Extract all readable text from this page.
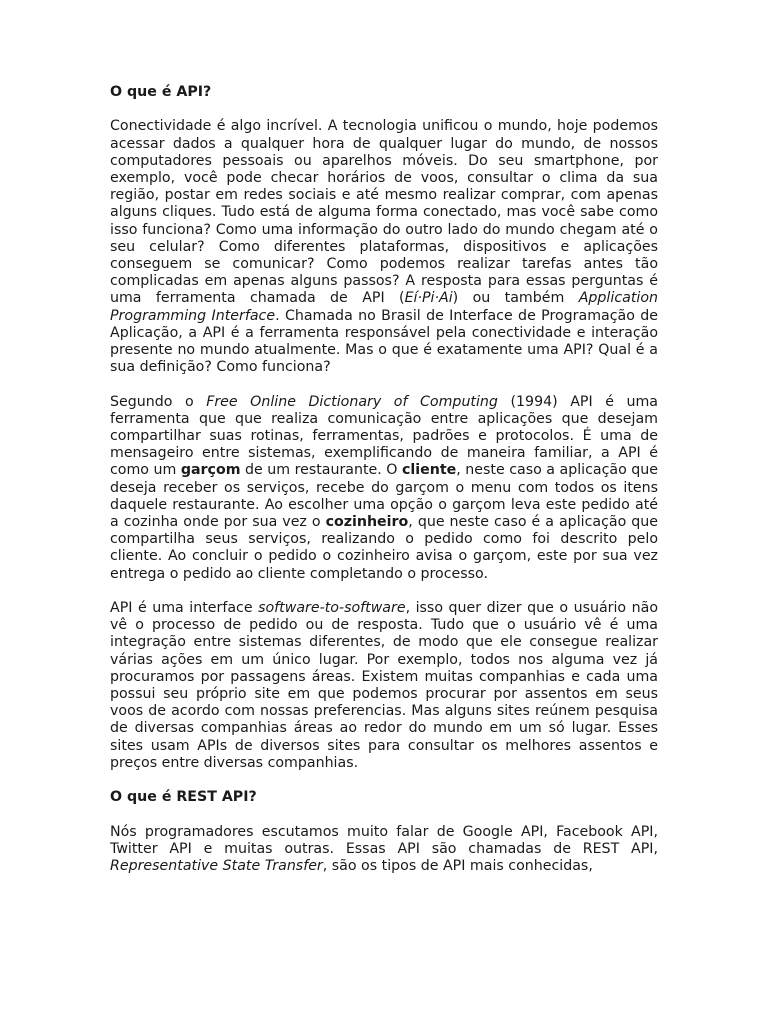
O que é API?

Conectividade é algo incrível. A tecnologia unificou o mundo, hoje podemos acessar dados a qualquer hora de qualquer lugar do mundo, de nossos computadores pessoais ou aparelhos móveis. Do seu smartphone, por exemplo, você pode checar horários de voos, consultar o clima da sua região, postar em redes sociais e até mesmo realizar comprar, com apenas alguns cliques. Tudo está de alguma forma conectado, mas você sabe como isso funciona? Como uma informação do outro lado do mundo chegam até o seu celular? Como diferentes plataformas, dispositivos e aplicações conseguem se comunicar? Como podemos realizar tarefas antes tão complicadas em apenas alguns passos? A resposta para essas perguntas é uma ferramenta chamada de API (Eí·Pi·Ai) ou também Application Programming Interface. Chamada no Brasil de Interface de Programação de Aplicação, a API é a ferramenta responsável pela conectividade e interação presente no mundo atualmente. Mas o que é exatamente uma API? Qual é a sua definição? Como funciona?

Segundo o Free Online Dictionary of Computing (1994) API é uma ferramenta que que realiza comunicação entre aplicações que desejam compartilhar suas rotinas, ferramentas, padrões e protocolos. É uma de mensageiro entre sistemas, exemplificando de maneira familiar, a API é como um garçom de um restaurante. O cliente, neste caso a aplicação que deseja receber os serviços, recebe do garçom o menu com todos os itens daquele restaurante. Ao escolher uma opção o garçom leva este pedido até a cozinha onde por sua vez o cozinheiro, que neste caso é a aplicação que compartilha seus serviços, realizando o pedido como foi descrito pelo cliente. Ao concluir o pedido o cozinheiro avisa o garçom, este por sua vez entrega o pedido ao cliente completando o processo.

API é uma interface software-to-software, isso quer dizer que o usuário não vê o processo de pedido ou de resposta. Tudo que o usuário vê é uma integração entre sistemas diferentes, de modo que ele consegue realizar várias ações em um único lugar. Por exemplo, todos nos alguma vez já procuramos por passagens áreas. Existem muitas companhias e cada uma possui seu próprio site em que podemos procurar por assentos em seus voos de acordo com nossas preferencias. Mas alguns sites reúnem pesquisa de diversas companhias áreas ao redor do mundo em um só lugar. Esses sites usam APIs de diversos sites para consultar os melhores assentos e preços entre diversas companhias.

O que é REST API?

Nós programadores escutamos muito falar de Google API, Facebook API, Twitter API e muitas outras. Essas API são chamadas de REST API, Representative State Transfer, são os tipos de API mais conhecidas,
